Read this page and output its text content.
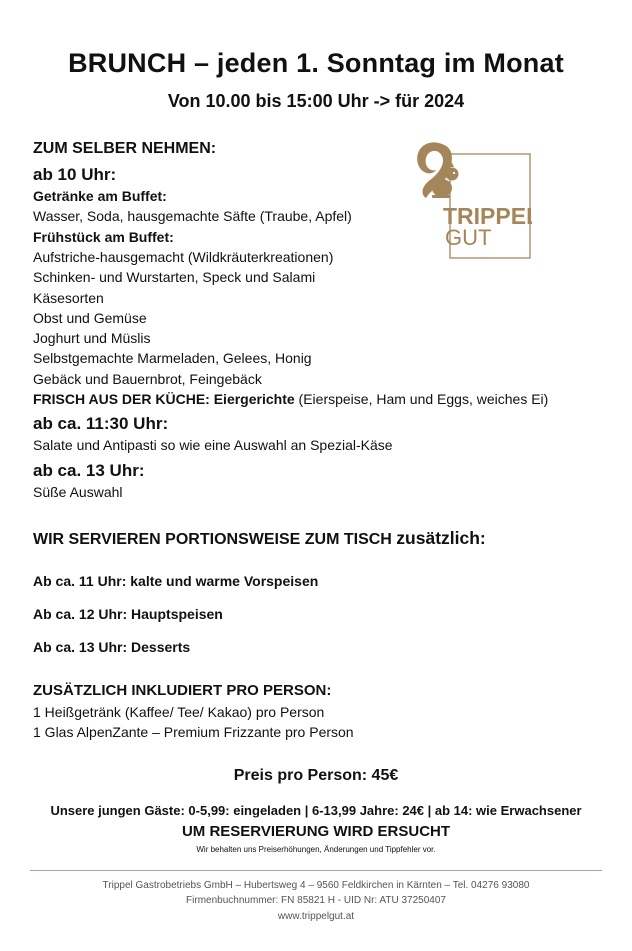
BRUNCH – jeden 1. Sonntag im Monat
Von 10.00 bis 15:00 Uhr -> für 2024
TRIPPEL
GUT
ZUM SELBER NEHMEN:
ab 10 Uhr:
Getränke am Buffet:
Wasser, Soda, hausgemachte Säfte (Traube, Apfel)
Frühstück am Buffet:
Aufstriche-hausgemacht (Wildkräuterkreationen)
Schinken- und Wurstarten, Speck und Salami
Käsesorten
Obst und Gemüse
Joghurt und Müslis
Selbstgemachte Marmeladen, Gelees, Honig
Gebäck und Bauernbrot, Feingebäck
FRISCH AUS DER KÜCHE: Eiergerichte (Eierspeise, Ham und Eggs, weiches Ei)
ab ca. 11:30 Uhr:
Salate und Antipasti so wie eine Auswahl an Spezial-Käse
ab ca. 13 Uhr:
Süße Auswahl
WIR SERVIEREN PORTIONSWEISE ZUM TISCH zusätzlich:
Ab ca. 11 Uhr: kalte und warme Vorspeisen
Ab ca. 12 Uhr: Hauptspeisen
Ab ca. 13 Uhr: Desserts
ZUSÄTZLICH INKLUDIERT PRO PERSON:
1 Heißgetränk (Kaffee/ Tee/ Kakao) pro Person
1 Glas AlpenZante – Premium Frizzante pro Person
Preis pro Person: 45€
Unsere jungen Gäste: 0-5,99: eingeladen | 6-13,99 Jahre: 24€ | ab 14: wie Erwachsener
UM RESERVIERUNG WIRD ERSUCHT
Wir behalten uns Preiserhöhungen, Änderungen und Tippfehler vor.
Trippel Gastrobetriebs GmbH – Hubertsweg 4 – 9560 Feldkirchen in Kärnten – Tel. 04276 93080
Firmenbuchnummer: FN 85821 H - UID Nr: ATU 37250407
www.trippelgut.at
